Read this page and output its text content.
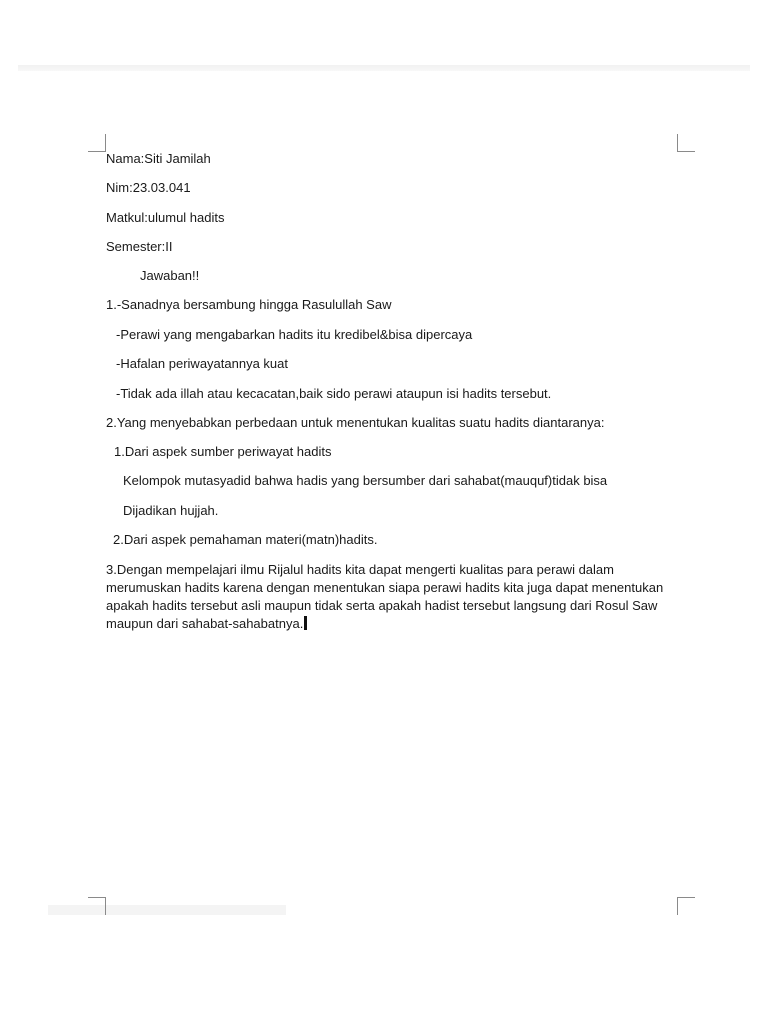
Nama:Siti Jamilah
Nim:23.03.041
Matkul:ulumul hadits
Semester:II
Jawaban!!
1.-Sanadnya bersambung hingga Rasulullah Saw
-Perawi yang mengabarkan hadits itu kredibel&bisa dipercaya
-Hafalan periwayatannya kuat
-Tidak ada illah atau kecacatan,baik sido perawi ataupun isi hadits tersebut.
2.Yang menyebabkan perbedaan untuk menentukan kualitas suatu hadits diantaranya:
1.Dari aspek sumber periwayat hadits
Kelompok mutasyadid bahwa hadis yang bersumber dari sahabat(mauquf)tidak bisa
Dijadikan hujjah.
2.Dari aspek pemahaman materi(matn)hadits.
3.Dengan mempelajari ilmu Rijalul hadits kita dapat mengerti kualitas para perawi dalam merumuskan hadits karena dengan menentukan siapa perawi hadits kita juga dapat menentukan apakah hadits tersebut asli maupun tidak serta apakah hadist tersebut langsung dari Rosul Saw maupun dari sahabat-sahabatnya.
